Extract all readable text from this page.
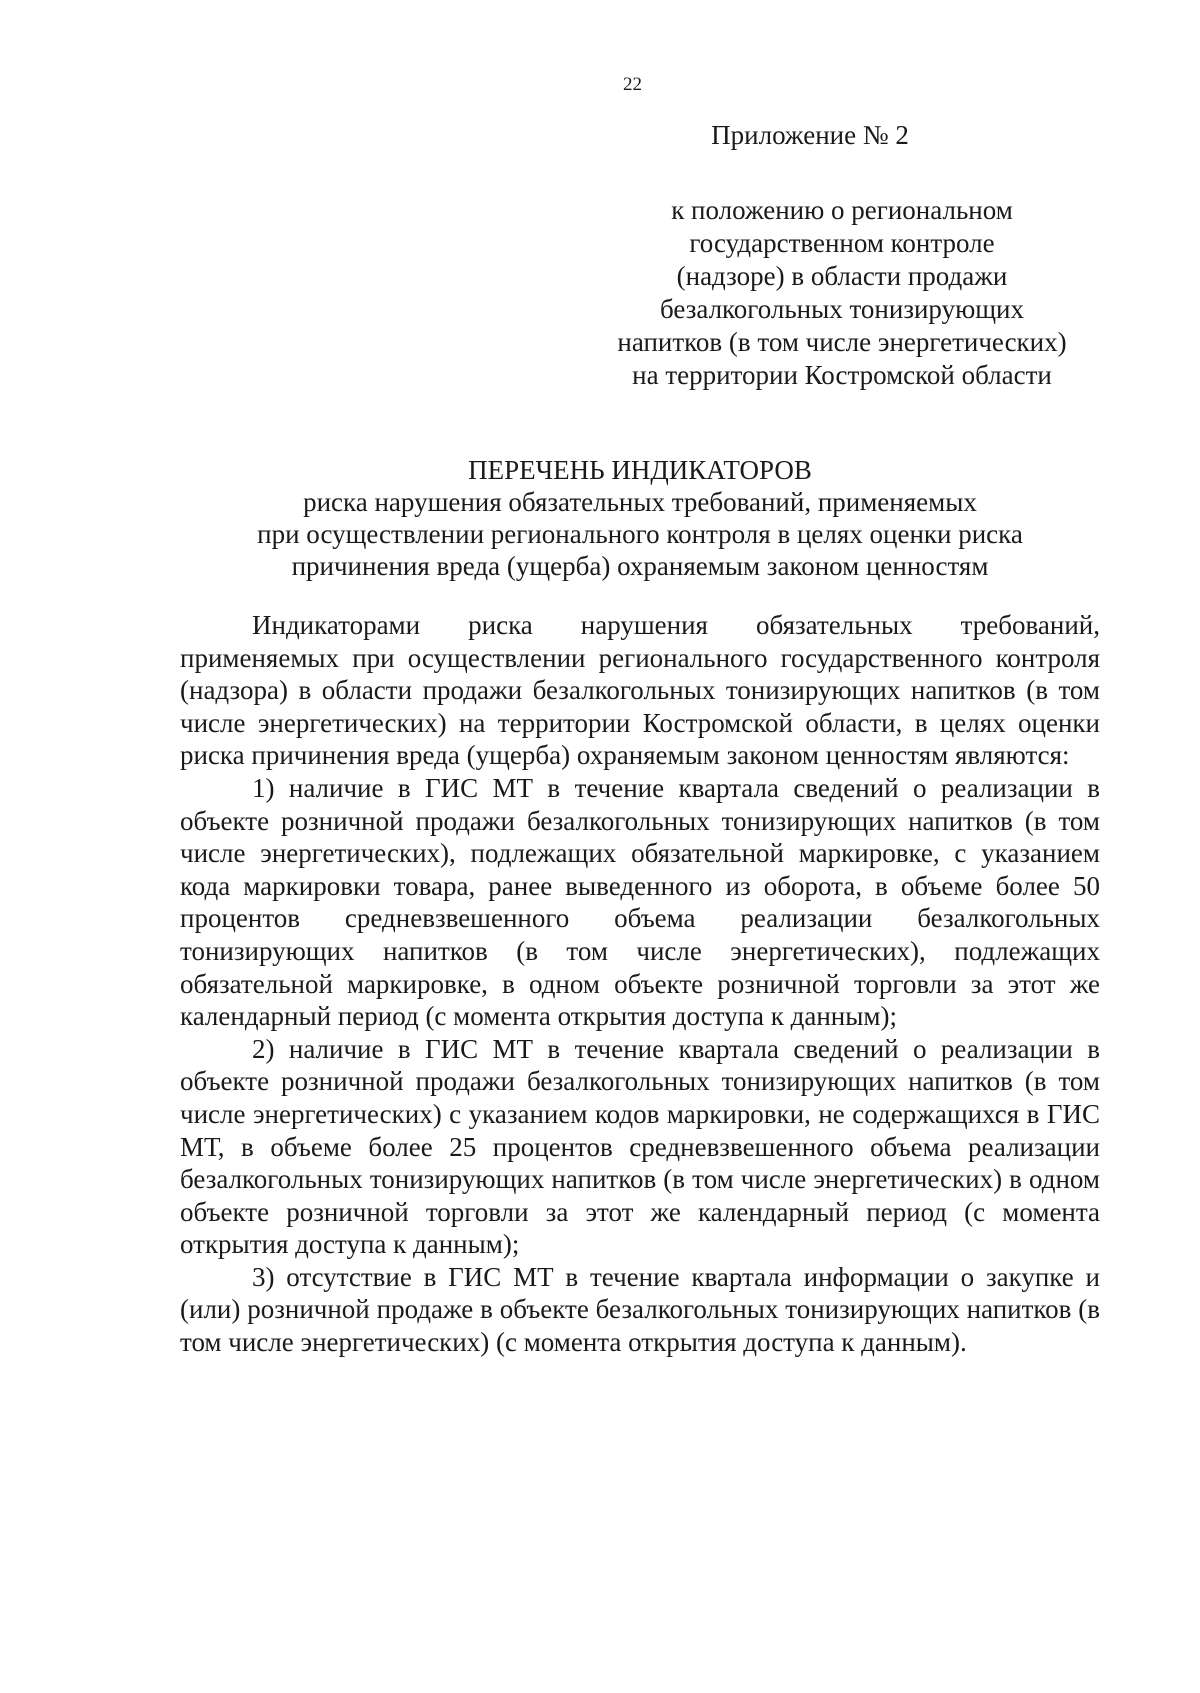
22
Приложение № 2
к положению о региональном
государственном контроле
(надзоре) в области продажи
безалкогольных тонизирующих
напитков (в том числе энергетических)
на территории Костромской области
ПЕРЕЧЕНЬ ИНДИКАТОРОВ
риска нарушения обязательных требований, применяемых
при осуществлении регионального контроля в целях оценки риска
причинения вреда (ущерба) охраняемым законом ценностям

Индикаторами риска нарушения обязательных требований, применяемых при осуществлении регионального государственного контроля (надзора) в области продажи безалкогольных тонизирующих напитков (в том числе энергетических) на территории Костромской области, в целях оценки риска причинения вреда (ущерба) охраняемым законом ценностям являются:

1) наличие в ГИС МТ в течение квартала сведений о реализации в объекте розничной продажи безалкогольных тонизирующих напитков (в том числе энергетических), подлежащих обязательной маркировке, с указанием кода маркировки товара, ранее выведенного из оборота, в объеме более 50 процентов средневзвешенного объема реализации безалкогольных тонизирующих напитков (в том числе энергетических), подлежащих обязательной маркировке, в одном объекте розничной торговли за этот же календарный период (с момента открытия доступа к данным);

2) наличие в ГИС МТ в течение квартала сведений о реализации в объекте розничной продажи безалкогольных тонизирующих напитков (в том числе энергетических) с указанием кодов маркировки, не содержащихся в ГИС МТ, в объеме более 25 процентов средневзвешенного объема реализации безалкогольных тонизирующих напитков (в том числе энергетических) в одном объекте розничной торговли за этот же календарный период (с момента открытия доступа к данным);

3) отсутствие в ГИС МТ в течение квартала информации о закупке и (или) розничной продаже в объекте безалкогольных тонизирующих напитков (в том числе энергетических) (с момента открытия доступа к данным).
